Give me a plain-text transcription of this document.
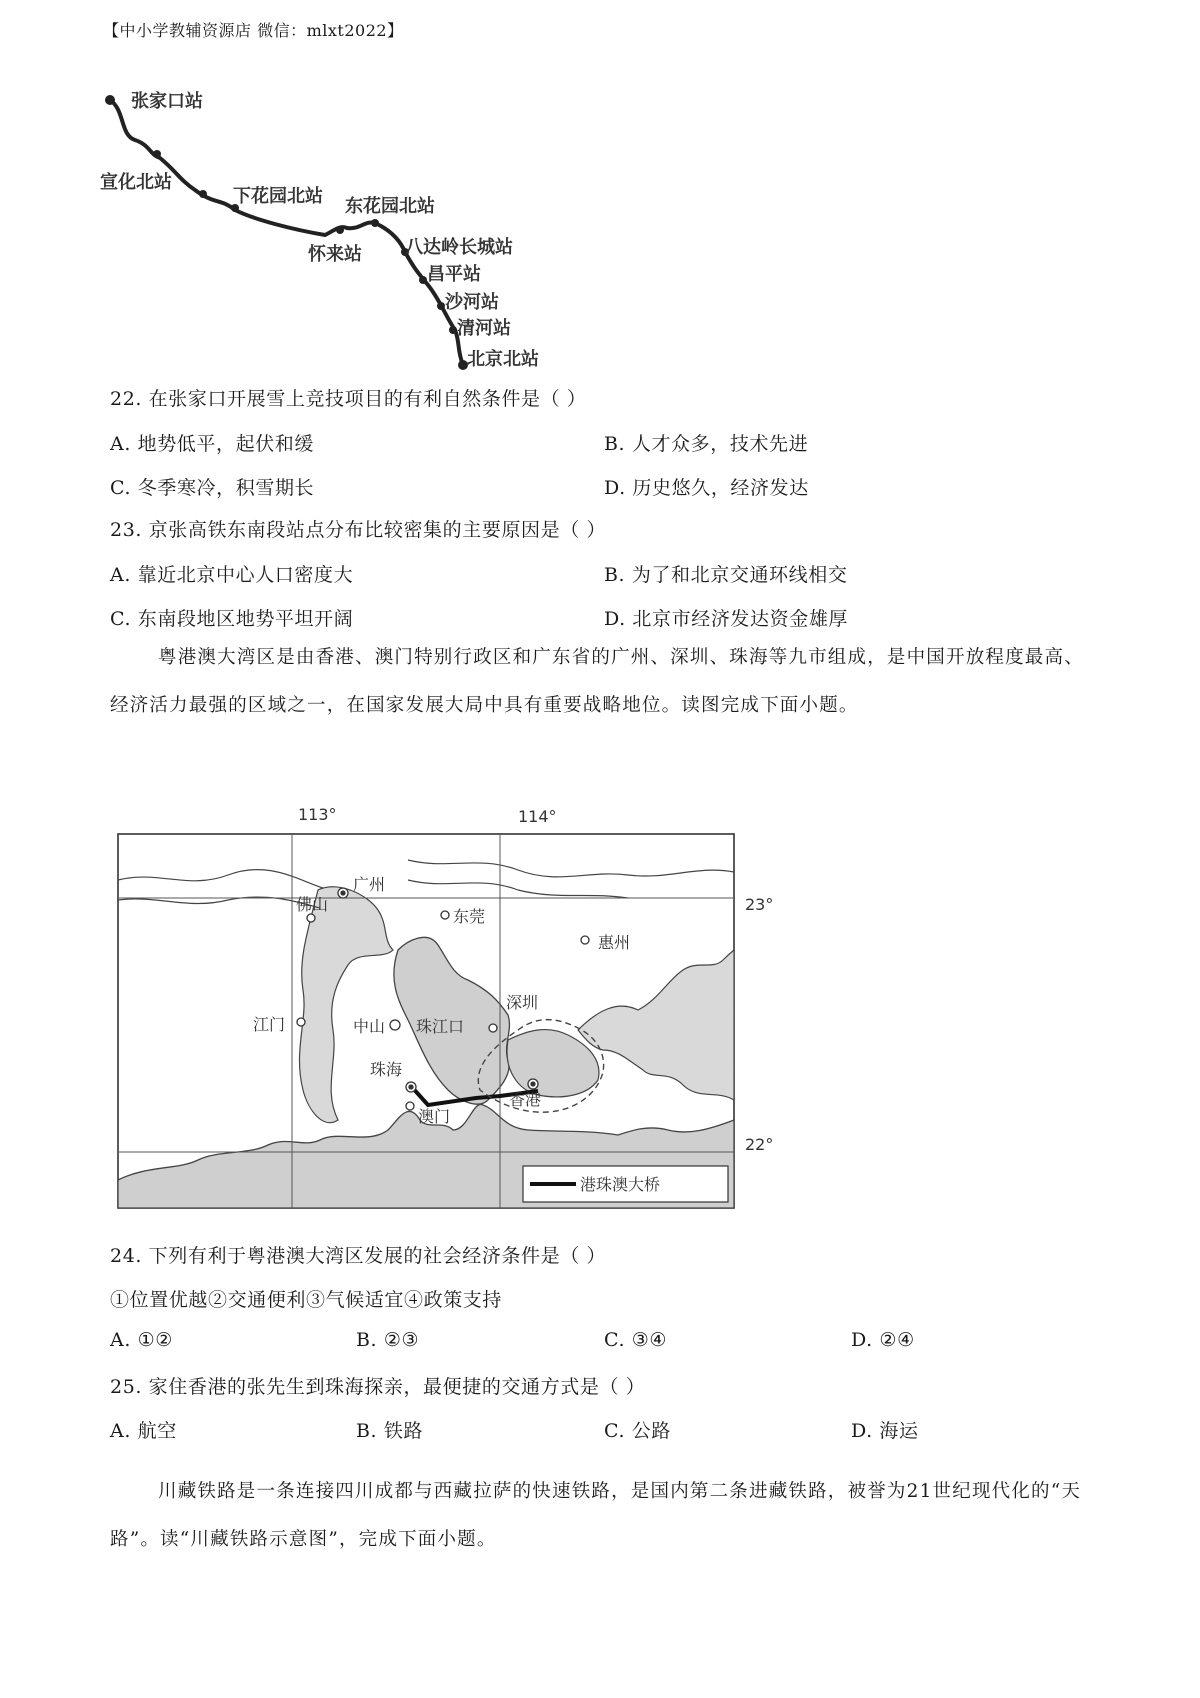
【中小学教辅资源店 微信：mlxt2022】
张家口站
宣化北站
下花园北站 东花园北站
怀来站 八达岭长城站
昌平站
沙河站
清河站
北京北站
22. 在张家口开展雪上竞技项目的有利自然条件是（ ）
A. 地势低平，起伏和缓	B. 人才众多，技术先进
C. 冬季寒冷，积雪期长	D. 历史悠久，经济发达
23. 京张高铁东南段站点分布比较密集的主要原因是（ ）
A. 靠近北京中心人口密度大	B. 为了和北京交通环线相交
C. 东南段地区地势平坦开阔	D. 北京市经济发达资金雄厚
粤港澳大湾区是由香港、澳门特别行政区和广东省的广州、深圳、珠海等九市组成，是中国开放程度最高、经济活力最强的区域之一，在国家发展大局中具有重要战略地位。读图完成下面小题。
113°	114°
23°
22°
广州
佛山
东莞
惠州
深圳
江门	中山 珠江口
珠海
澳门
香港
港珠澳大桥
24. 下列有利于粤港澳大湾区发展的社会经济条件是（ ）
①位置优越②交通便利③气候适宜④政策支持
A. ①②	B. ②③	C. ③④	D. ②④
25. 家住香港的张先生到珠海探亲，最便捷的交通方式是（ ）
A. 航空	B. 铁路	C. 公路	D. 海运
川藏铁路是一条连接四川成都与西藏拉萨的快速铁路，是国内第二条进藏铁路，被誉为21世纪现代化的“天路”。读“川藏铁路示意图”，完成下面小题。
